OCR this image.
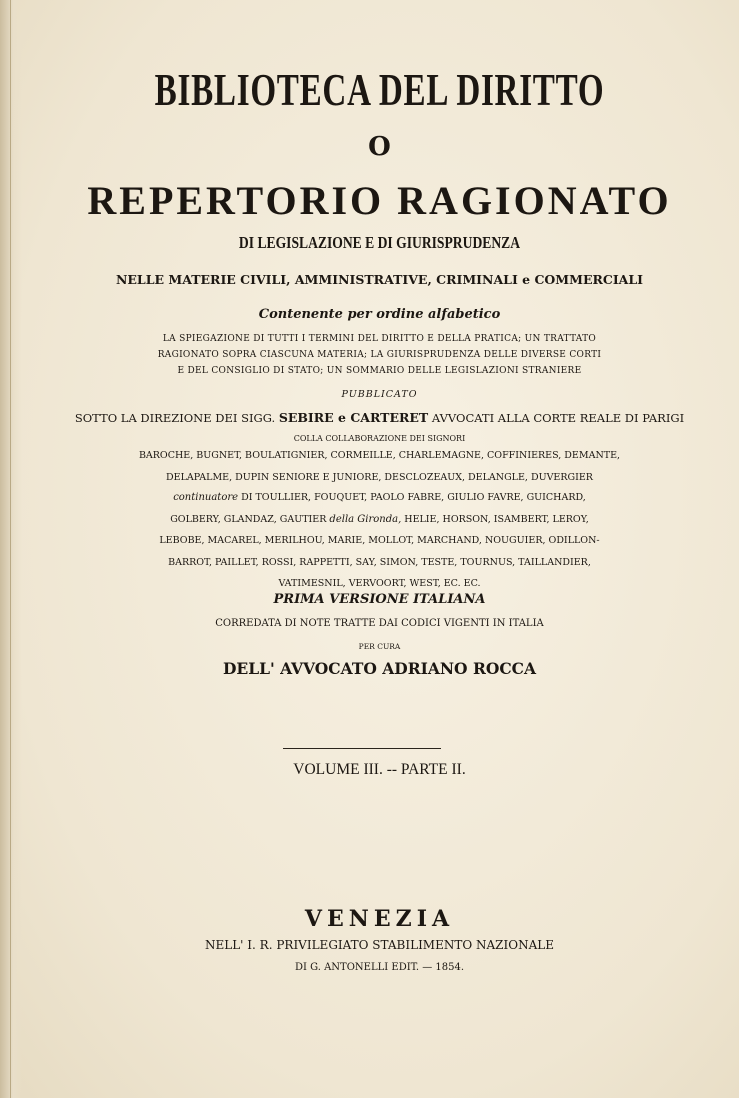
BIBLIOTECA DEL DIRITTO
O
REPERTORIO RAGIONATO
DI LEGISLAZIONE E DI GIURISPRUDENZA
NELLE MATERIE CIVILI, AMMINISTRATIVE, CRIMINALI e COMMERCIALI
Contenente per ordine alfabetico
LA SPIEGAZIONE DI TUTTI I TERMINI DEL DIRITTO E DELLA PRATICA; UN TRATTATO
RAGIONATO SOPRA CIASCUNA MATERIA; LA GIURISPRUDENZA DELLE DIVERSE CORTI
E DEL CONSIGLIO DI STATO; UN SOMMARIO DELLE LEGISLAZIONI STRANIERE
PUBBLICATO
SOTTO LA DIREZIONE DEI SIGG. SEBIRE e CARTERET AVVOCATI ALLA CORTE REALE DI PARIGI
COLLA COLLABORAZIONE DEI SIGNORI
BAROCHE, BUGNET, BOULATIGNIER, CORMEILLE, CHARLEMAGNE, COFFINIERES, DEMANTE,
DELAPALME, DUPIN SENIORE E JUNIORE, DESCLOZEAUX, DELANGLE, DUVERGIER
continuatore DI TOULLIER, FOUQUET, PAOLO FABRE, GIULIO FAVRE, GUICHARD,
GOLBERY, GLANDAZ, GAUTIER della Gironda, HELIE, HORSON, ISAMBERT, LEROY,
LEBOBE, MACAREL, MERILHOU, MARIE, MOLLOT, MARCHAND, NOUGUIER, ODILLON-
BARROT, PAILLET, ROSSI, RAPPETTI, SAY, SIMON, TESTE, TOURNUS, TAILLANDIER,
VATIMESNIL, VERVOORT, WEST, EC. EC.
PRIMA VERSIONE ITALIANA
CORREDATA DI NOTE TRATTE DAI CODICI VIGENTI IN ITALIA
PER CURA
DELL' AVVOCATO ADRIANO ROCCA
VOLUME III. -- PARTE II.
VENEZIA
NELL' I. R. PRIVILEGIATO STABILIMENTO NAZIONALE
DI G. ANTONELLI EDIT. — 1854.
